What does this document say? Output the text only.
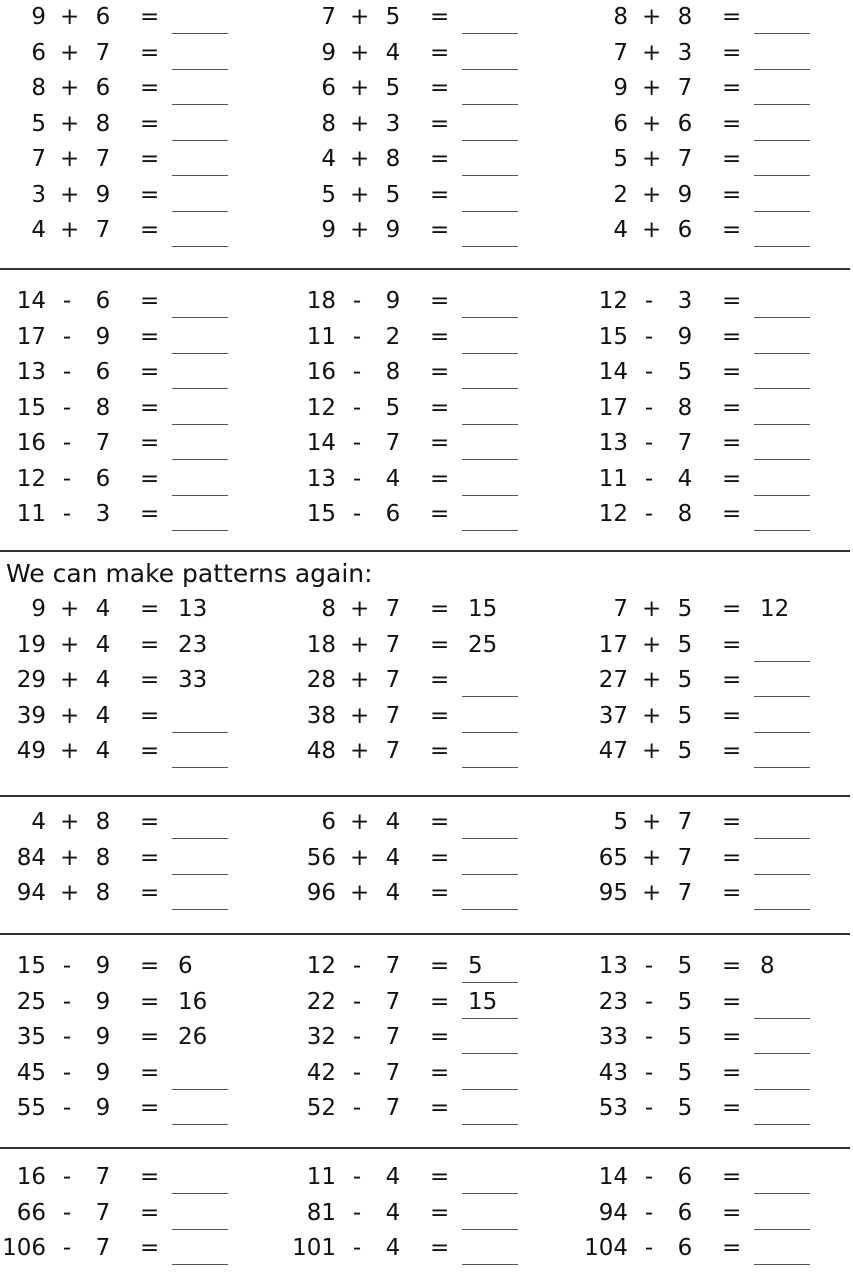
We can make patterns again:
9 + 6 =
6 + 7 =
8 + 6 =
5 + 8 =
7 + 7 =
3 + 9 =
4 + 7 =
7 + 5 =
9 + 4 =
6 + 5 =
8 + 3 =
4 + 8 =
5 + 5 =
9 + 9 =
8 + 8 =
7 + 3 =
9 + 7 =
6 + 6 =
5 + 7 =
2 + 9 =
4 + 6 =
14 - 6 =
17 - 9 =
13 - 6 =
15 - 8 =
16 - 7 =
12 - 6 =
11 - 3 =
18 - 9 =
11 - 2 =
16 - 8 =
12 - 5 =
14 - 7 =
13 - 4 =
15 - 6 =
12 - 3 =
15 - 9 =
14 - 5 =
17 - 8 =
13 - 7 =
11 - 4 =
12 - 8 =
9 + 4 = 13
19 + 4 = 23
29 + 4 = 33
39 + 4 =
49 + 4 =
8 + 7 = 15
18 + 7 = 25
28 + 7 =
38 + 7 =
48 + 7 =
7 + 5 = 12
17 + 5 =
27 + 5 =
37 + 5 =
47 + 5 =
4 + 8 =
84 + 8 =
94 + 8 =
6 + 4 =
56 + 4 =
96 + 4 =
5 + 7 =
65 + 7 =
95 + 7 =
15 - 9 = 6
25 - 9 = 16
35 - 9 = 26
45 - 9 =
55 - 9 =
12 - 7 = 5
22 - 7 = 15
32 - 7 =
42 - 7 =
52 - 7 =
13 - 5 = 8
23 - 5 =
33 - 5 =
43 - 5 =
53 - 5 =
16 - 7 =
66 - 7 =
106 - 7 =
11 - 4 =
81 - 4 =
101 - 4 =
14 - 6 =
94 - 6 =
104 - 6 =
